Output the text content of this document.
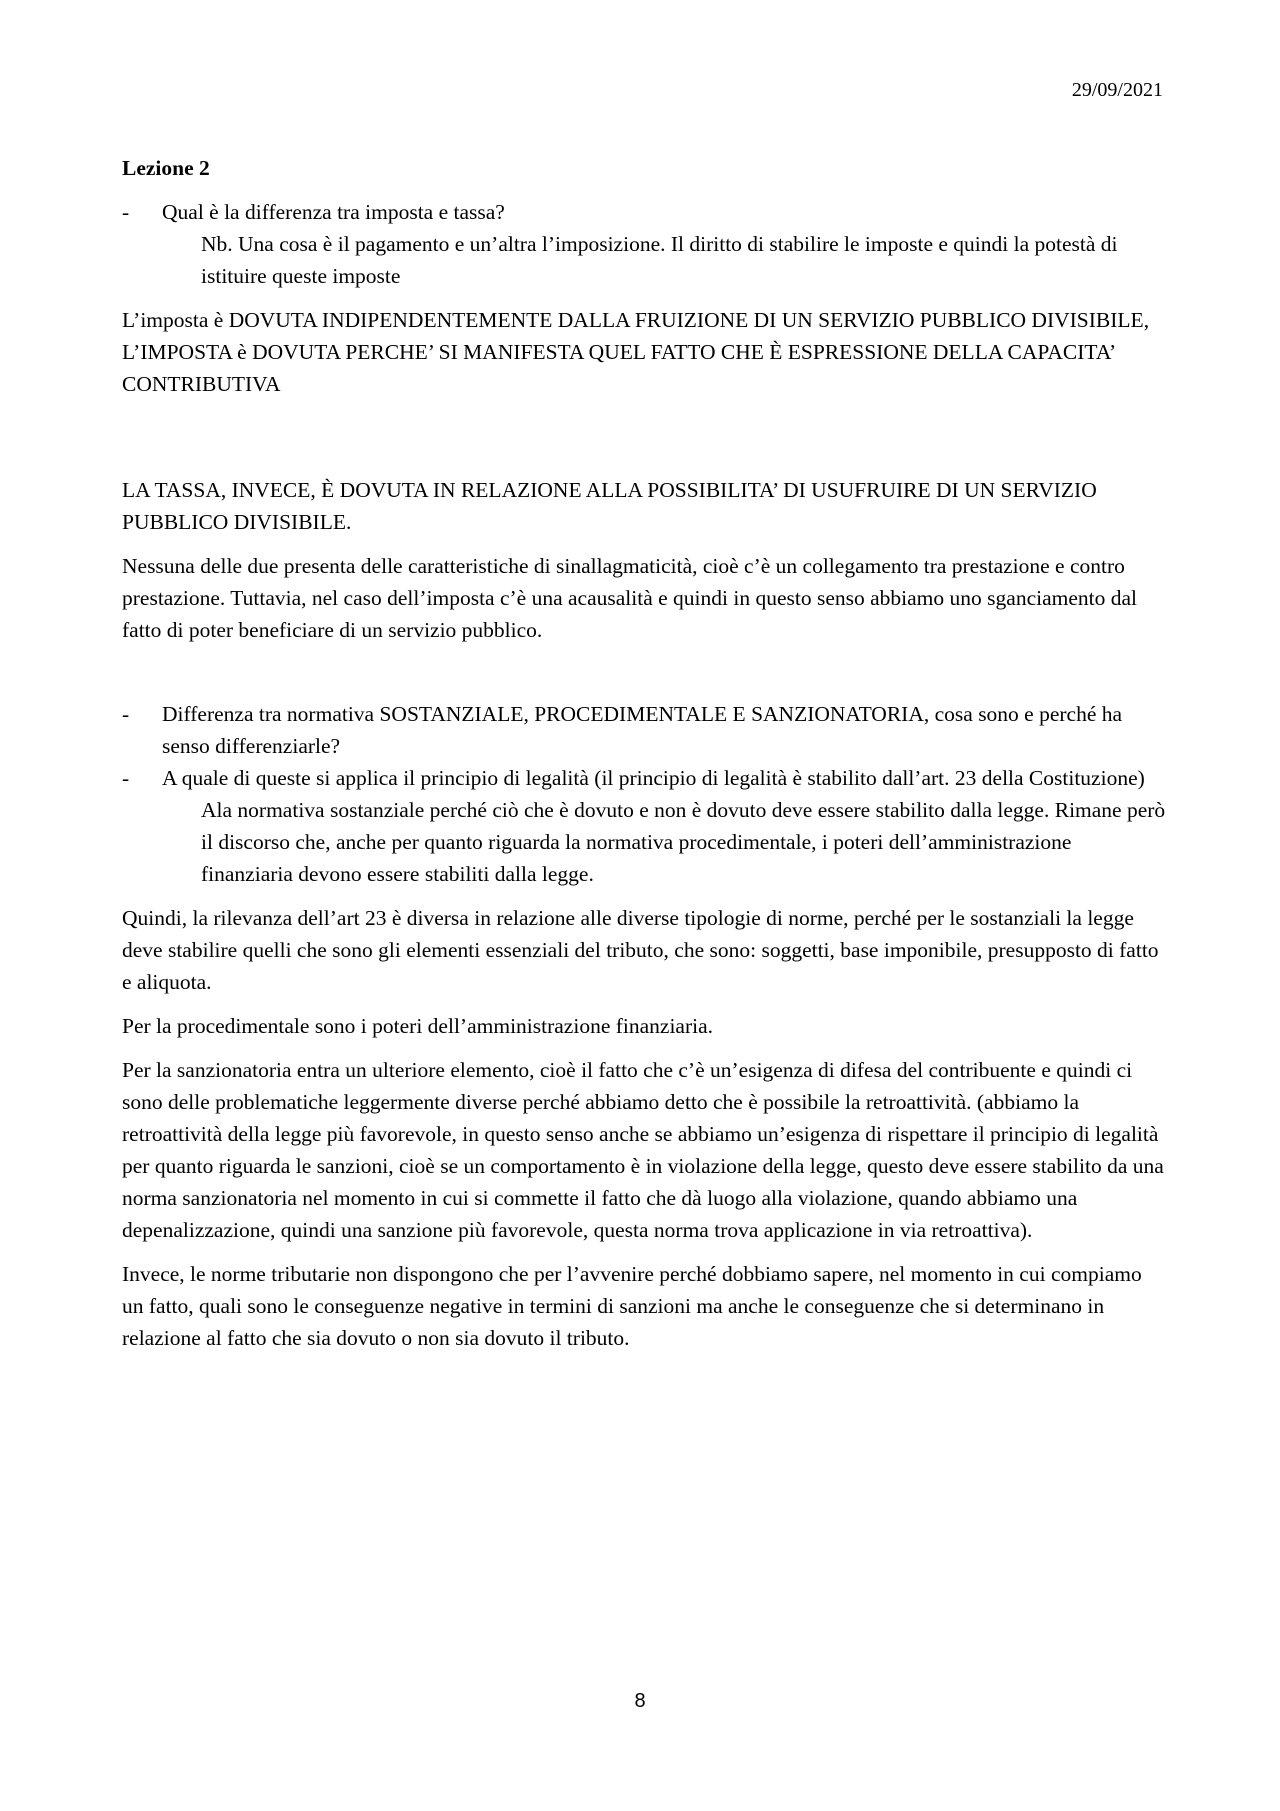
29/09/2021
Lezione 2
- Qual è la differenza tra imposta e tassa?

Nb. Una cosa è il pagamento e un’altra l’imposizione. Il diritto di stabilire le imposte e quindi la potestà di istituire queste imposte

L’imposta è DOVUTA INDIPENDENTEMENTE DALLA FRUIZIONE DI UN SERVIZIO PUBBLICO DIVISIBILE, L’IMPOSTA è DOVUTA PERCHE’ SI MANIFESTA QUEL FATTO CHE È ESPRESSIONE DELLA CAPACITA’ CONTRIBUTIVA

LA TASSA, INVECE, È DOVUTA IN RELAZIONE ALLA POSSIBILITA’ DI USUFRUIRE DI UN SERVIZIO PUBBLICO DIVISIBILE.

Nessuna delle due presenta delle caratteristiche di sinallagmaticità, cioè c’è un collegamento tra prestazione e contro prestazione. Tuttavia, nel caso dell’imposta c’è una acausalità e quindi in questo senso abbiamo uno sganciamento dal fatto di poter beneficiare di un servizio pubblico.

- Differenza tra normativa SOSTANZIALE, PROCEDIMENTALE E SANZIONATORIA, cosa sono e perché ha senso differenziarle?

- A quale di queste si applica il principio di legalità (il principio di legalità è stabilito dall’art. 23 della Costituzione)

Ala normativa sostanziale perché ciò che è dovuto e non è dovuto deve essere stabilito dalla legge. Rimane però il discorso che, anche per quanto riguarda la normativa procedimentale, i poteri dell’amministrazione finanziaria devono essere stabiliti dalla legge.

Quindi, la rilevanza dell’art 23 è diversa in relazione alle diverse tipologie di norme, perché per le sostanziali la legge deve stabilire quelli che sono gli elementi essenziali del tributo, che sono: soggetti, base imponibile, presupposto di fatto e aliquota.

Per la procedimentale sono i poteri dell’amministrazione finanziaria.

Per la sanzionatoria entra un ulteriore elemento, cioè il fatto che c’è un’esigenza di difesa del contribuente e quindi ci sono delle problematiche leggermente diverse perché abbiamo detto che è possibile la retroattività. (abbiamo la retroattività della legge più favorevole, in questo senso anche se abbiamo un’esigenza di rispettare il principio di legalità per quanto riguarda le sanzioni, cioè se un comportamento è in violazione della legge, questo deve essere stabilito da una norma sanzionatoria nel momento in cui si commette il fatto che dà luogo alla violazione, quando abbiamo una depenalizzazione, quindi una sanzione più favorevole, questa norma trova applicazione in via retroattiva).

Invece, le norme tributarie non dispongono che per l’avvenire perché dobbiamo sapere, nel momento in cui compiamo un fatto, quali sono le conseguenze negative in termini di sanzioni ma anche le conseguenze che si determinano in relazione al fatto che sia dovuto o non sia dovuto il tributo.

8
